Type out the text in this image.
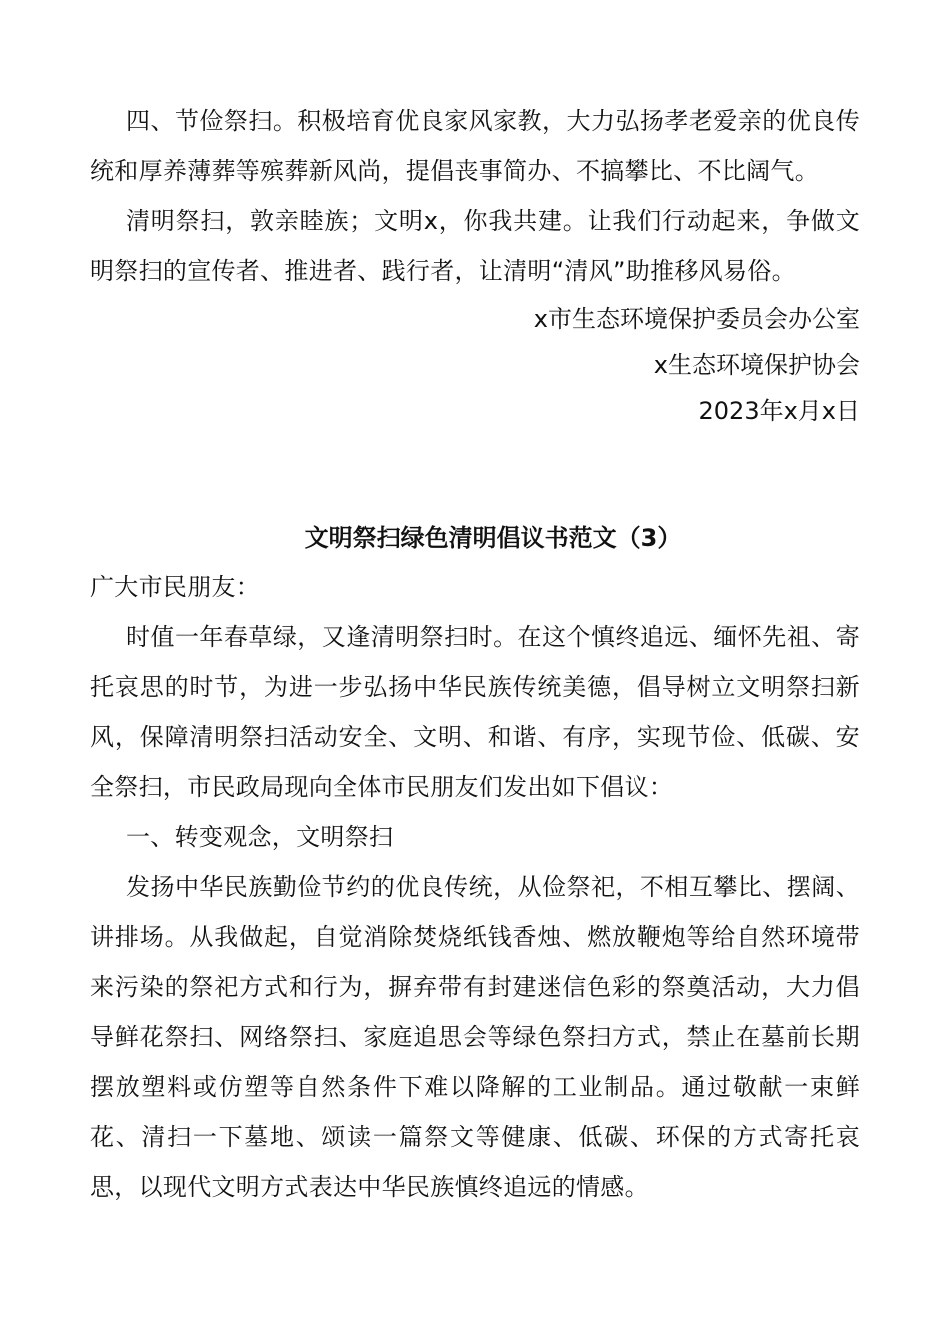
四、节俭祭扫。积极培育优良家风家教，大力弘扬孝老爱亲的优良传统和厚养薄葬等殡葬新风尚，提倡丧事简办、不搞攀比、不比阔气。

清明祭扫，敦亲睦族；文明x，你我共建。让我们行动起来，争做文明祭扫的宣传者、推进者、践行者，让清明“清风”助推移风易俗。

x市生态环境保护委员会办公室

x生态环境保护协会

2023年x月x日

文明祭扫绿色清明倡议书范文（3）

广大市民朋友：

时值一年春草绿，又逢清明祭扫时。在这个慎终追远、缅怀先祖、寄托哀思的时节，为进一步弘扬中华民族传统美德，倡导树立文明祭扫新风，保障清明祭扫活动安全、文明、和谐、有序，实现节俭、低碳、安全祭扫，市民政局现向全体市民朋友们发出如下倡议：

一、转变观念，文明祭扫

发扬中华民族勤俭节约的优良传统，从俭祭祀，不相互攀比、摆阔、讲排场。从我做起，自觉消除焚烧纸钱香烛、燃放鞭炮等给自然环境带来污染的祭祀方式和行为，摒弃带有封建迷信色彩的祭奠活动，大力倡导鲜花祭扫、网络祭扫、家庭追思会等绿色祭扫方式，禁止在墓前长期摆放塑料或仿塑等自然条件下难以降解的工业制品。通过敬献一束鲜花、清扫一下墓地、颂读一篇祭文等健康、低碳、环保的方式寄托哀思，以现代文明方式表达中华民族慎终追远的情感。
